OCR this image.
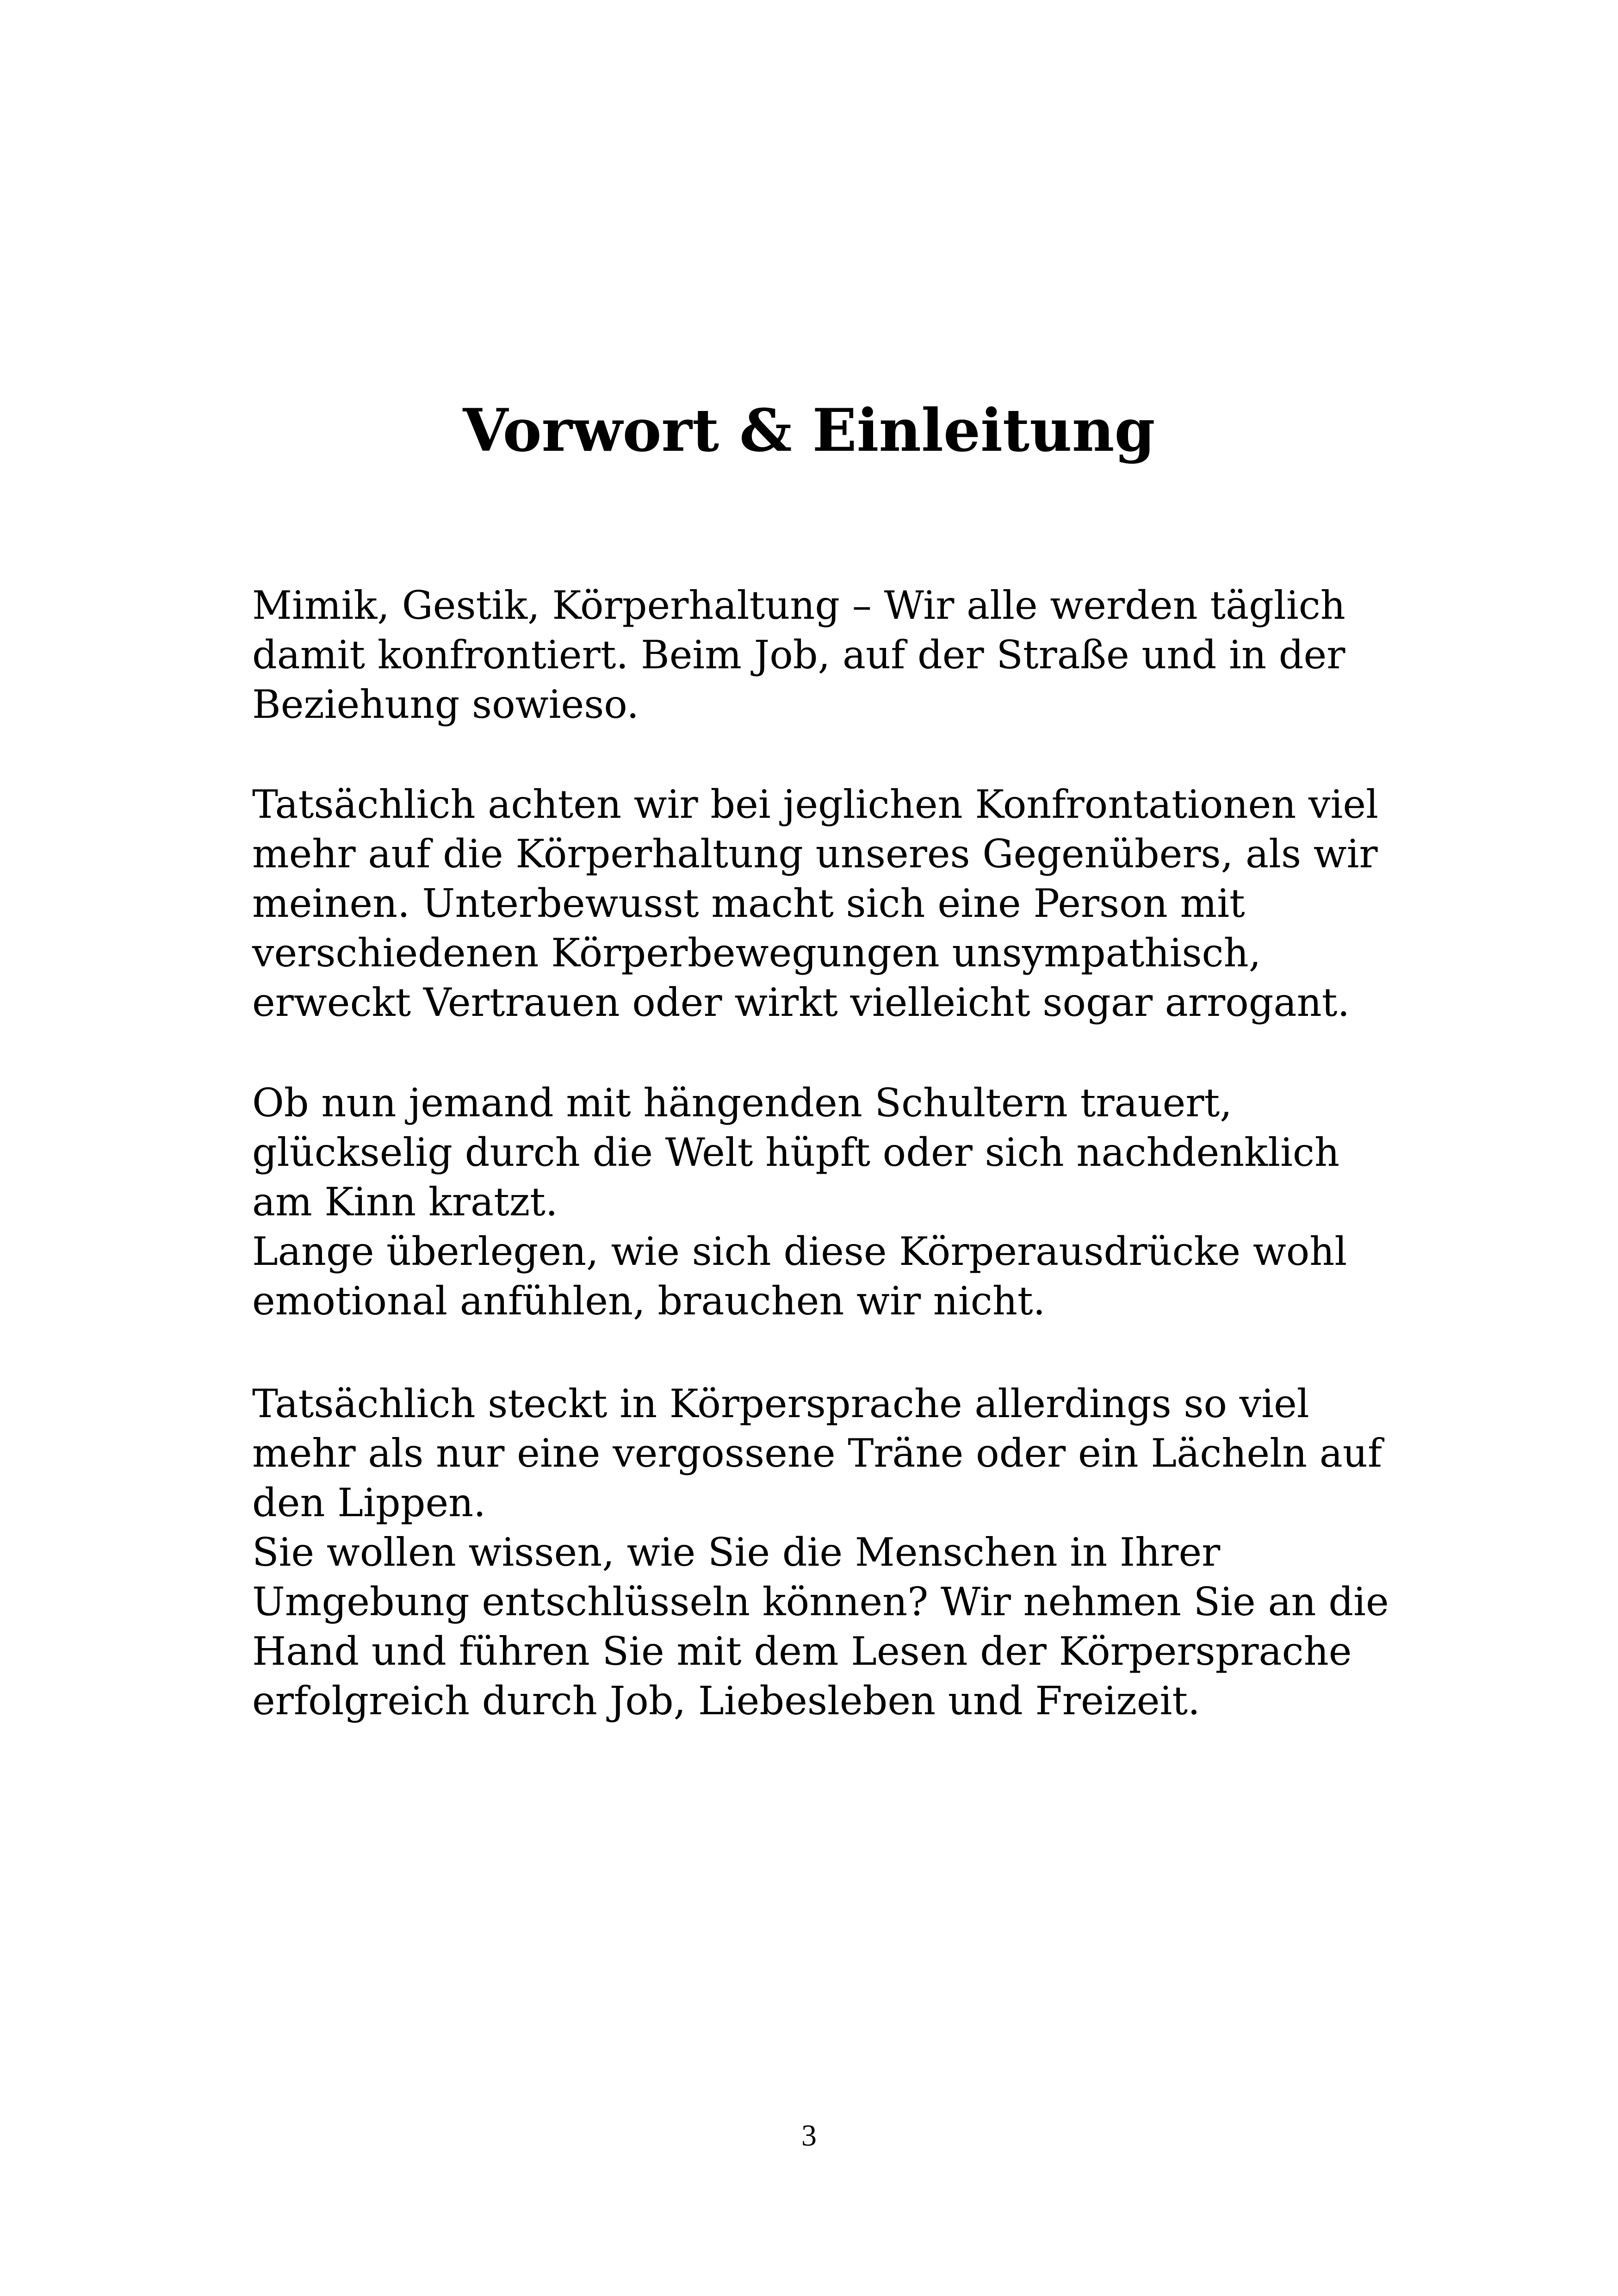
Vorwort & Einleitung
Mimik, Gestik, Körperhaltung – Wir alle werden täglich
damit konfrontiert. Beim Job, auf der Straße und in der
Beziehung sowieso.
Tatsächlich achten wir bei jeglichen Konfrontationen viel
mehr auf die Körperhaltung unseres Gegenübers, als wir
meinen. Unterbewusst macht sich eine Person mit
verschiedenen Körperbewegungen unsympathisch,
erweckt Vertrauen oder wirkt vielleicht sogar arrogant.
Ob nun jemand mit hängenden Schultern trauert,
glückselig durch die Welt hüpft oder sich nachdenklich
am Kinn kratzt.
Lange überlegen, wie sich diese Körperausdrücke wohl
emotional anfühlen, brauchen wir nicht.
Tatsächlich steckt in Körpersprache allerdings so viel
mehr als nur eine vergossene Träne oder ein Lächeln auf
den Lippen.
Sie wollen wissen, wie Sie die Menschen in Ihrer
Umgebung entschlüsseln können? Wir nehmen Sie an die
Hand und führen Sie mit dem Lesen der Körpersprache
erfolgreich durch Job, Liebesleben und Freizeit.
3
